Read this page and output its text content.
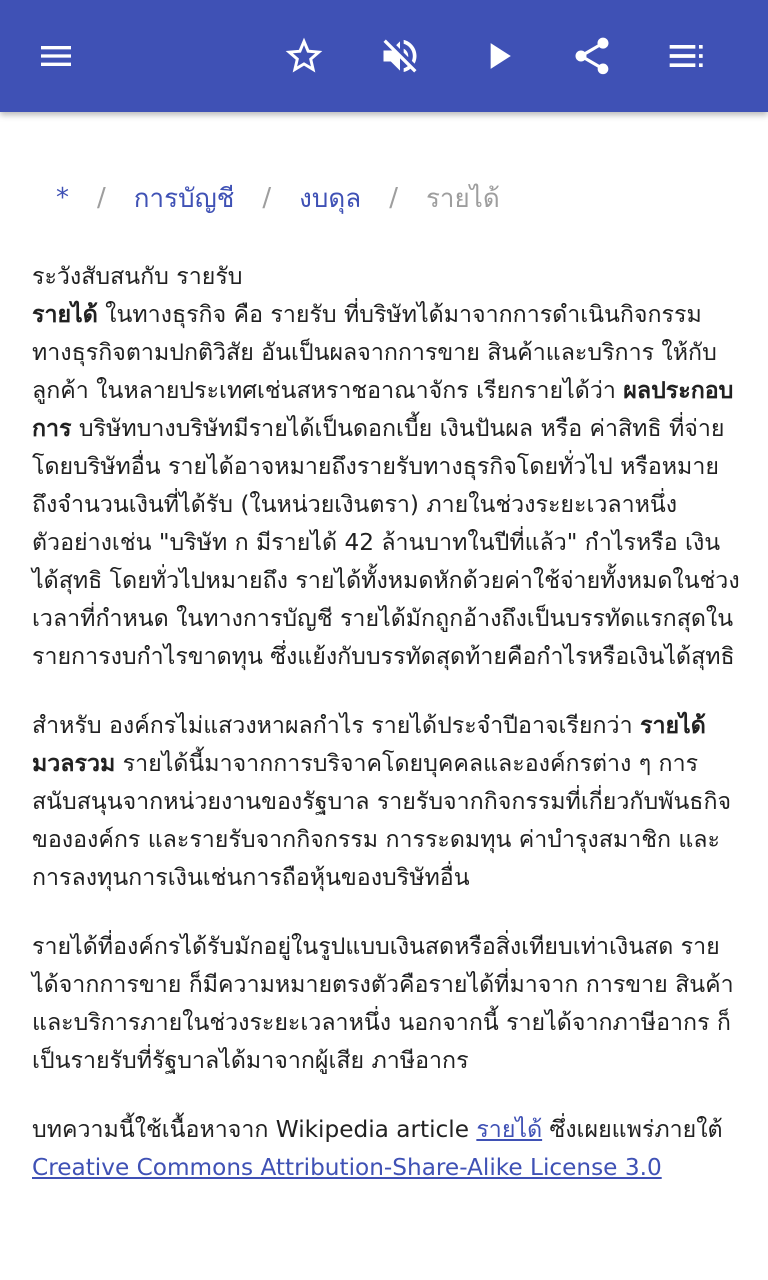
* / การบัญชี / งบดุล / รายได้

ระวังสับสนกับ รายรับ
รายได้ ในทางธุรกิจ คือ รายรับ ที่บริษัทได้มาจากการดำเนินกิจกรรมทางธุรกิจตามปกติวิสัย อันเป็นผลจากการขาย สินค้าและบริการ ให้กับลูกค้า ในหลายประเทศเช่นสหราชอาณาจักร เรียกรายได้ว่า ผลประกอบการ บริษัทบางบริษัทมีรายได้เป็นดอกเบี้ย เงินปันผล หรือ ค่าสิทธิ ที่จ่ายโดยบริษัทอื่น รายได้อาจหมายถึงรายรับทางธุรกิจโดยทั่วไป หรือหมายถึงจำนวนเงินที่ได้รับ (ในหน่วยเงินตรา) ภายในช่วงระยะเวลาหนึ่ง ตัวอย่างเช่น "บริษัท ก มีรายได้ 42 ล้านบาทในปีที่แล้ว" กำไรหรือ เงินได้สุทธิ โดยทั่วไปหมายถึง รายได้ทั้งหมดหักด้วยค่าใช้จ่ายทั้งหมดในช่วงเวลาที่กำหนด ในทางการบัญชี รายได้มักถูกอ้างถึงเป็นบรรทัดแรกสุดในรายการงบกำไรขาดทุน ซึ่งแย้งกับบรรทัดสุดท้ายคือกำไรหรือเงินได้สุทธิ

สำหรับ องค์กรไม่แสวงหาผลกำไร รายได้ประจำปีอาจเรียกว่า รายได้มวลรวม รายได้นี้มาจากการบริจาคโดยบุคคลและองค์กรต่าง ๆ การสนับสนุนจากหน่วยงานของรัฐบาล รายรับจากกิจกรรมที่เกี่ยวกับพันธกิจขององค์กร และรายรับจากกิจกรรม การระดมทุน ค่าบำรุงสมาชิก และการลงทุนการเงินเช่นการถือหุ้นของบริษัทอื่น

รายได้ที่องค์กรได้รับมักอยู่ในรูปแบบเงินสดหรือสิ่งเทียบเท่าเงินสด รายได้จากการขาย ก็มีความหมายตรงตัวคือรายได้ที่มาจาก การขาย สินค้าและบริการภายในช่วงระยะเวลาหนึ่ง นอกจากนี้ รายได้จากภาษีอากร ก็เป็นรายรับที่รัฐบาลได้มาจากผู้เสีย ภาษีอากร

บทความนี้ใช้เนื้อหาจาก Wikipedia article รายได้ ซึ่งเผยแพร่ภายใต้ Creative Commons Attribution-Share-Alike License 3.0
